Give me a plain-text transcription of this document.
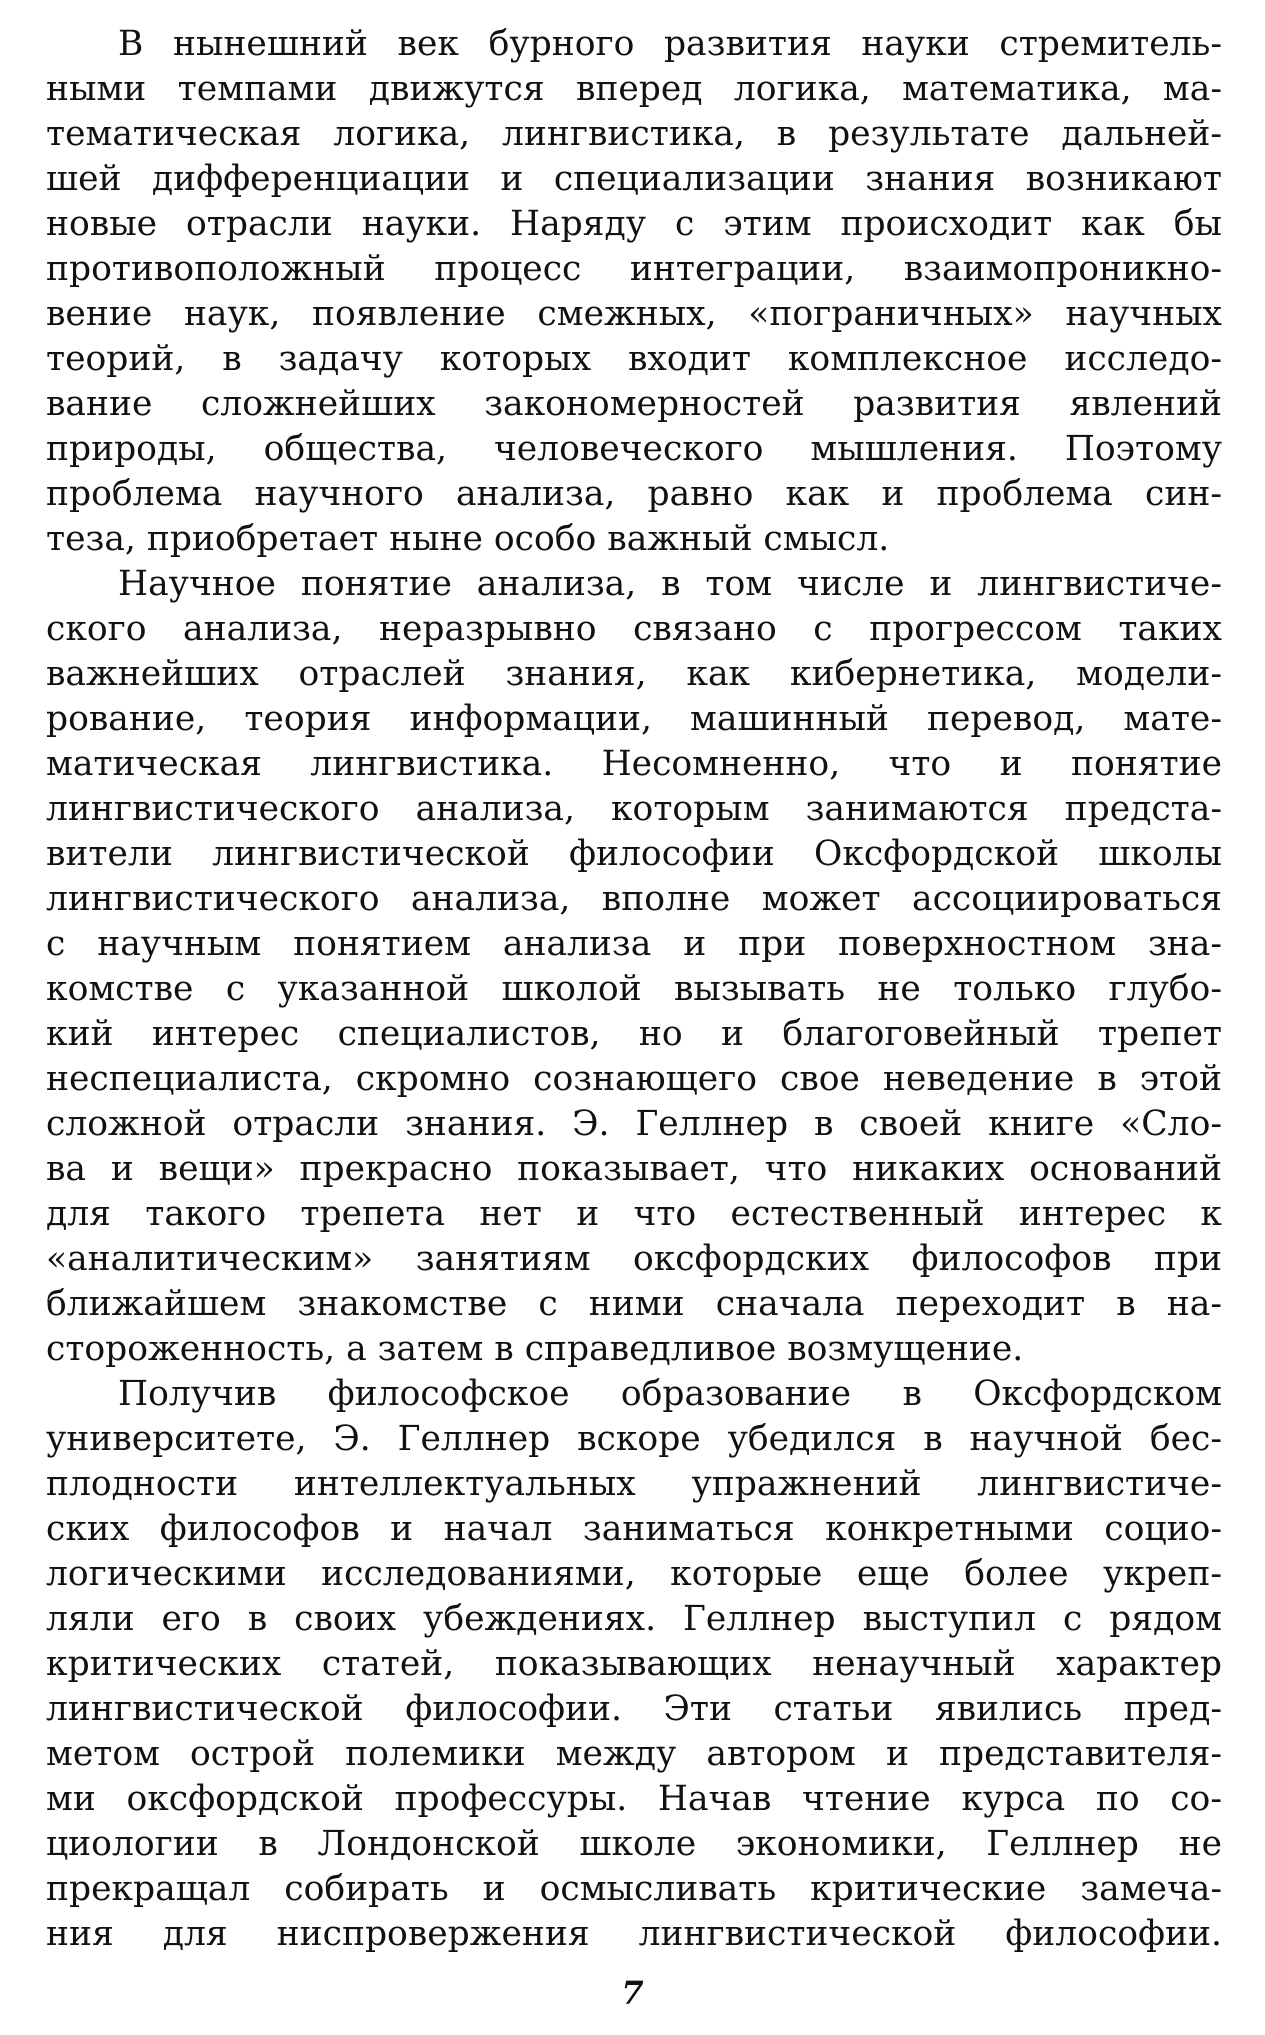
В нынешний век бурного развития науки стремитель-
ными темпами движутся вперед логика, математика, ма-
тематическая логика, лингвистика, в результате дальней-
шей дифференциации и специализации знания возникают
новые отрасли науки. Наряду с этим происходит как бы
противоположный процесс интеграции, взаимопроникно-
вение наук, появление смежных, «пограничных» научных
теорий, в задачу которых входит комплексное исследо-
вание сложнейших закономерностей развития явлений
природы, общества, человеческого мышления. Поэтому
проблема научного анализа, равно как и проблема син-
теза, приобретает ныне особо важный смысл.
Научное понятие анализа, в том числе и лингвистиче-
ского анализа, неразрывно связано с прогрессом таких
важнейших отраслей знания, как кибернетика, модели-
рование, теория информации, машинный перевод, мате-
матическая лингвистика. Несомненно, что и понятие
лингвистического анализа, которым занимаются предста-
вители лингвистической философии Оксфордской школы
лингвистического анализа, вполне может ассоциироваться
с научным понятием анализа и при поверхностном зна-
комстве с указанной школой вызывать не только глубо-
кий интерес специалистов, но и благоговейный трепет
неспециалиста, скромно сознающего свое неведение в этой
сложной отрасли знания. Э. Геллнер в своей книге «Сло-
ва и вещи» прекрасно показывает, что никаких оснований
для такого трепета нет и что естественный интерес к
«аналитическим» занятиям оксфордских философов при
ближайшем знакомстве с ними сначала переходит в на-
стороженность, а затем в справедливое возмущение.
Получив философское образование в Оксфордском
университете, Э. Геллнер вскоре убедился в научной бес-
плодности интеллектуальных упражнений лингвистиче-
ских философов и начал заниматься конкретными социо-
логическими исследованиями, которые еще более укреп-
ляли его в своих убеждениях. Геллнер выступил с рядом
критических статей, показывающих ненаучный характер
лингвистической философии. Эти статьи явились пред-
метом острой полемики между автором и представителя-
ми оксфордской профессуры. Начав чтение курса по со-
циологии в Лондонской школе экономики, Геллнер не
прекращал собирать и осмысливать критические замеча-
ния для ниспровержения лингвистической философии.
7
